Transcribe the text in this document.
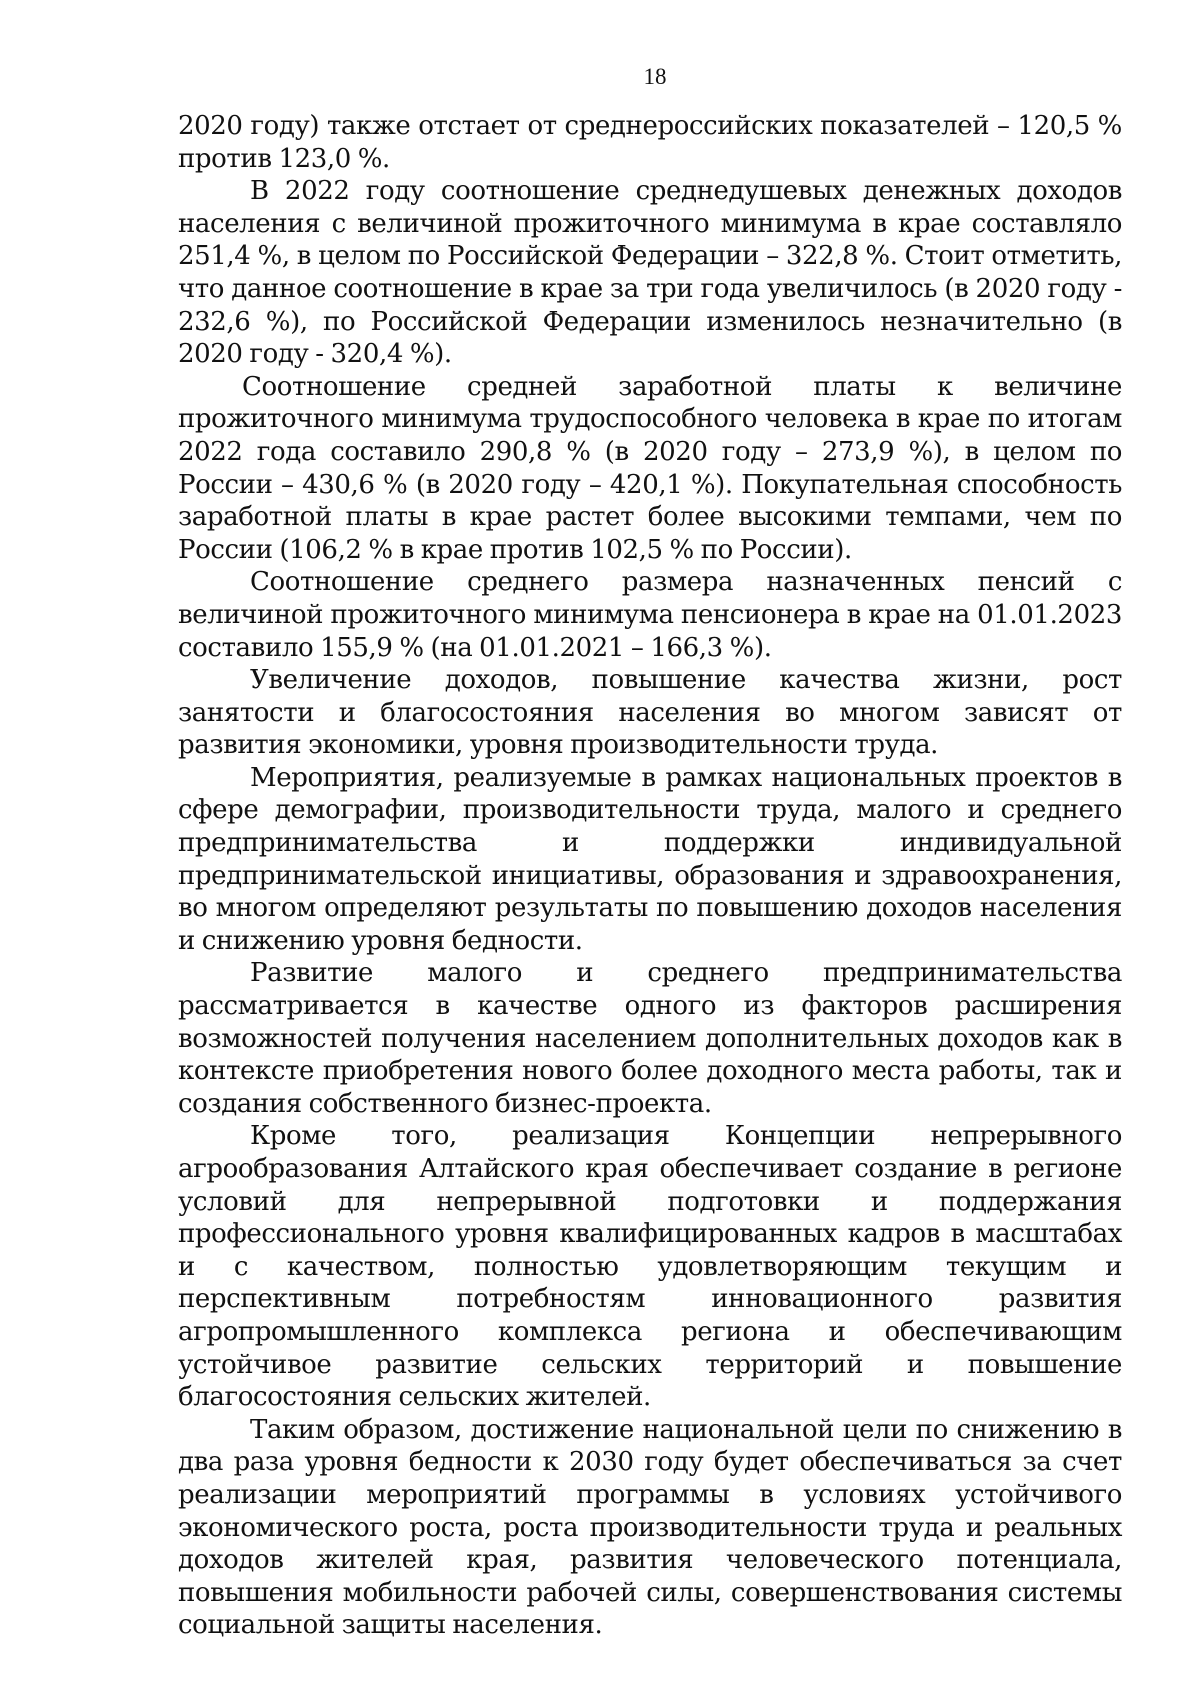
18

2020 году) также отстает от среднероссийских показателей – 120,5 % против 123,0 %.

В 2022 году соотношение среднедушевых денежных доходов населения с величиной прожиточного минимума в крае составляло 251,4 %, в целом по Российской Федерации – 322,8 %. Стоит отметить, что данное соотношение в крае за три года увеличилось (в 2020 году - 232,6 %), по Российской Федерации изменилось незначительно (в 2020 году - 320,4 %).

Соотношение средней заработной платы к величине прожиточного минимума трудоспособного человека в крае по итогам 2022 года составило 290,8 % (в 2020 году – 273,9 %), в целом по России – 430,6 % (в 2020 году – 420,1 %). Покупательная способность заработной платы в крае растет более высокими темпами, чем по России (106,2 % в крае против 102,5 % по России).

Соотношение среднего размера назначенных пенсий с величиной прожиточного минимума пенсионера в крае на 01.01.2023 составило 155,9 % (на 01.01.2021 – 166,3 %).

Увеличение доходов, повышение качества жизни, рост занятости и благосостояния населения во многом зависят от развития экономики, уровня производительности труда.

Мероприятия, реализуемые в рамках национальных проектов в сфере демографии, производительности труда, малого и среднего предпринимательства и поддержки индивидуальной предпринимательской инициативы, образования и здравоохранения, во многом определяют результаты по повышению доходов населения и снижению уровня бедности.

Развитие малого и среднего предпринимательства рассматривается в качестве одного из факторов расширения возможностей получения населением дополнительных доходов как в контексте приобретения нового более доходного места работы, так и создания собственного бизнес-проекта.

Кроме того, реализация Концепции непрерывного агрообразования Алтайского края обеспечивает создание в регионе условий для непрерывной подготовки и поддержания профессионального уровня квалифицированных кадров в масштабах и с качеством, полностью удовлетворяющим текущим и перспективным потребностям инновационного развития агропромышленного комплекса региона и обеспечивающим устойчивое развитие сельских территорий и повышение благосостояния сельских жителей.

Таким образом, достижение национальной цели по снижению в два раза уровня бедности к 2030 году будет обеспечиваться за счет реализации мероприятий программы в условиях устойчивого экономического роста, роста производительности труда и реальных доходов жителей края, развития человеческого потенциала, повышения мобильности рабочей силы, совершенствования системы социальной защиты населения.
